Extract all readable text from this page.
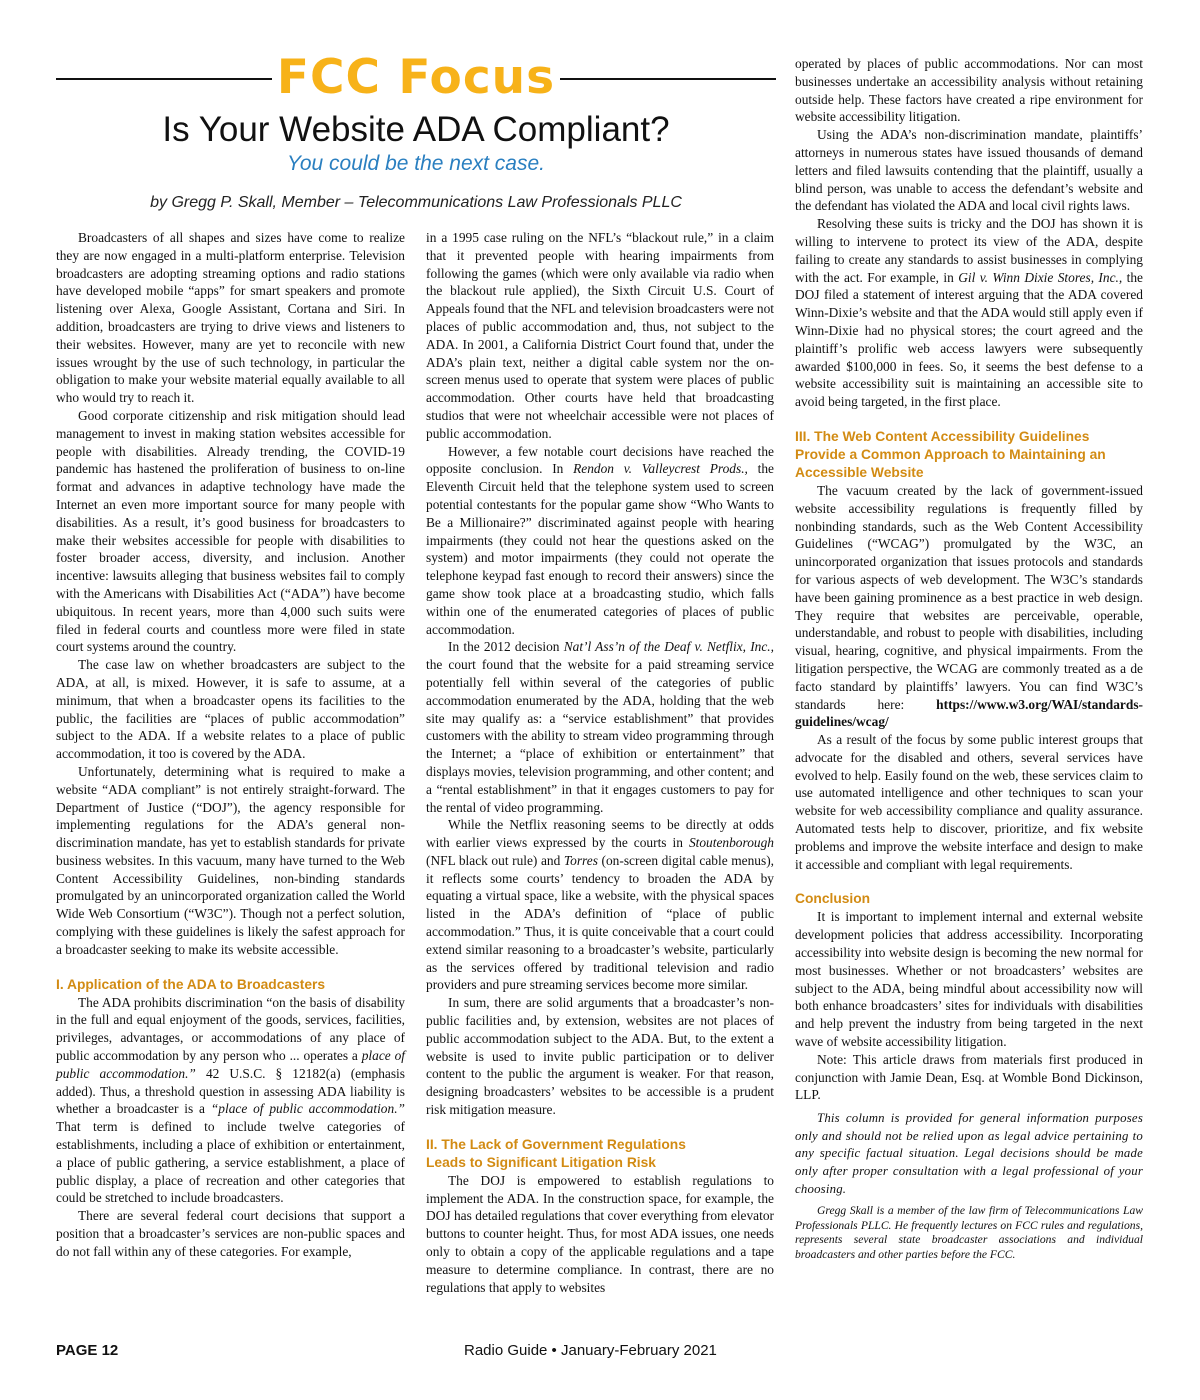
FCC Focus
Is Your Website ADA Compliant?
You could be the next case.
by Gregg P. Skall, Member – Telecommunications Law Professionals PLLC

Broadcasters of all shapes and sizes have come to realize they are now engaged in a multi-platform enterprise. Television broadcasters are adopting streaming options and radio stations have developed mobile “apps” for smart speakers and promote listening over Alexa, Google Assistant, Cortana and Siri. In addition, broadcasters are trying to drive views and listeners to their websites. However, many are yet to reconcile with new issues wrought by the use of such technology, in particular the obligation to make your website material equally available to all who would try to reach it.

Good corporate citizenship and risk mitigation should lead management to invest in making station websites accessible for people with disabilities. Already trending, the COVID-19 pandemic has hastened the proliferation of business to on-line format and advances in adaptive technology have made the Internet an even more important source for many people with disabilities. As a result, it’s good business for broadcasters to make their websites accessible for people with disabilities to foster broader access, diversity, and inclusion. Another incentive: lawsuits alleging that business websites fail to comply with the Americans with Disabilities Act (“ADA”) have become ubiquitous. In recent years, more than 4,000 such suits were filed in federal courts and countless more were filed in state court systems around the country.

The case law on whether broadcasters are subject to the ADA, at all, is mixed. However, it is safe to assume, at a minimum, that when a broadcaster opens its facilities to the public, the facilities are “places of public accommodation” subject to the ADA. If a website relates to a place of public accommodation, it too is covered by the ADA.

Unfortunately, determining what is required to make a website “ADA compliant” is not entirely straight-forward. The Department of Justice (“DOJ”), the agency responsible for implementing regulations for the ADA’s general non-discrimination mandate, has yet to establish standards for private business websites. In this vacuum, many have turned to the Web Content Accessibility Guidelines, non-binding standards promulgated by an unincorporated organization called the World Wide Web Consortium (“W3C”). Though not a perfect solution, complying with these guidelines is likely the safest approach for a broadcaster seeking to make its website accessible.

I. Application of the ADA to Broadcasters

The ADA prohibits discrimination “on the basis of disability in the full and equal enjoyment of the goods, services, facilities, privileges, advantages, or accommodations of any place of public accommodation by any person who ... operates a place of public accommodation.” 42 U.S.C. § 12182(a) (emphasis added). Thus, a threshold question in assessing ADA liability is whether a broadcaster is a “place of public accommodation.” That term is defined to include twelve categories of establishments, including a place of exhibition or entertainment, a place of public gathering, a service establishment, a place of public display, a place of recreation and other categories that could be stretched to include broadcasters.

There are several federal court decisions that support a position that a broadcaster’s services are non-public spaces and do not fall within any of these categories. For example,

in a 1995 case ruling on the NFL’s “blackout rule,” in a claim that it prevented people with hearing impairments from following the games (which were only available via radio when the blackout rule applied), the Sixth Circuit U.S. Court of Appeals found that the NFL and television broadcasters were not places of public accommodation and, thus, not subject to the ADA. In 2001, a California District Court found that, under the ADA’s plain text, neither a digital cable system nor the on-screen menus used to operate that system were places of public accommodation. Other courts have held that broadcasting studios that were not wheelchair accessible were not places of public accommodation.

However, a few notable court decisions have reached the opposite conclusion. In Rendon v. Valleycrest Prods., the Eleventh Circuit held that the telephone system used to screen potential contestants for the popular game show “Who Wants to Be a Millionaire?” discriminated against people with hearing impairments (they could not hear the questions asked on the system) and motor impairments (they could not operate the telephone keypad fast enough to record their answers) since the game show took place at a broadcasting studio, which falls within one of the enumerated categories of places of public accommodation.

In the 2012 decision Nat’l Ass’n of the Deaf v. Netflix, Inc., the court found that the website for a paid streaming service potentially fell within several of the categories of public accommodation enumerated by the ADA, holding that the web site may qualify as: a “service establishment” that provides customers with the ability to stream video programming through the Internet; a “place of exhibition or entertainment” that displays movies, television programming, and other content; and a “rental establishment” in that it engages customers to pay for the rental of video programming.

While the Netflix reasoning seems to be directly at odds with earlier views expressed by the courts in Stoutenborough (NFL black out rule) and Torres (on-screen digital cable menus), it reflects some courts’ tendency to broaden the ADA by equating a virtual space, like a website, with the physical spaces listed in the ADA’s definition of “place of public accommodation.” Thus, it is quite conceivable that a court could extend similar reasoning to a broadcaster’s website, particularly as the services offered by traditional television and radio providers and pure streaming services become more similar.

In sum, there are solid arguments that a broadcaster’s non-public facilities and, by extension, websites are not places of public accommodation subject to the ADA. But, to the extent a website is used to invite public participation or to deliver content to the public the argument is weaker. For that reason, designing broadcasters’ websites to be accessible is a prudent risk mitigation measure.

II. The Lack of Government Regulations
Leads to Significant Litigation Risk

The DOJ is empowered to establish regulations to implement the ADA. In the construction space, for example, the DOJ has detailed regulations that cover everything from elevator buttons to counter height. Thus, for most ADA issues, one needs only to obtain a copy of the applicable regulations and a tape measure to determine compliance. In contrast, there are no regulations that apply to websites

operated by places of public accommodations. Nor can most businesses undertake an accessibility analysis without retaining outside help. These factors have created a ripe environment for website accessibility litigation.

Using the ADA’s non-discrimination mandate, plaintiffs’ attorneys in numerous states have issued thousands of demand letters and filed lawsuits contending that the plaintiff, usually a blind person, was unable to access the defendant’s website and the defendant has violated the ADA and local civil rights laws.

Resolving these suits is tricky and the DOJ has shown it is willing to intervene to protect its view of the ADA, despite failing to create any standards to assist businesses in complying with the act. For example, in Gil v. Winn Dixie Stores, Inc., the DOJ filed a statement of interest arguing that the ADA covered Winn-Dixie’s website and that the ADA would still apply even if Winn-Dixie had no physical stores; the court agreed and the plaintiff’s prolific web access lawyers were subsequently awarded $100,000 in fees. So, it seems the best defense to a website accessibility suit is maintaining an accessible site to avoid being targeted, in the first place.

III. The Web Content Accessibility Guidelines
Provide a Common Approach to Maintaining an
Accessible Website

The vacuum created by the lack of government-issued website accessibility regulations is frequently filled by nonbinding standards, such as the Web Content Accessibility Guidelines (“WCAG”) promulgated by the W3C, an unincorporated organization that issues protocols and standards for various aspects of web development. The W3C’s standards have been gaining prominence as a best practice in web design. They require that websites are perceivable, operable, understandable, and robust to people with disabilities, including visual, hearing, cognitive, and physical impairments. From the litigation perspective, the WCAG are commonly treated as a de facto standard by plaintiffs’ lawyers. You can find W3C’s standards here: https://www.w3.org/WAI/standards-guidelines/wcag/

As a result of the focus by some public interest groups that advocate for the disabled and others, several services have evolved to help. Easily found on the web, these services claim to use automated intelligence and other techniques to scan your website for web accessibility compliance and quality assurance. Automated tests help to discover, prioritize, and fix website problems and improve the website interface and design to make it accessible and compliant with legal requirements.

Conclusion

It is important to implement internal and external website development policies that address accessibility. Incorporating accessibility into website design is becoming the new normal for most businesses. Whether or not broadcasters’ websites are subject to the ADA, being mindful about accessibility now will both enhance broadcasters’ sites for individuals with disabilities and help prevent the industry from being targeted in the next wave of website accessibility litigation.

Note: This article draws from materials first produced in conjunction with Jamie Dean, Esq. at Womble Bond Dickinson, LLP.

This column is provided for general information purposes only and should not be relied upon as legal advice pertaining to any specific factual situation. Legal decisions should be made only after proper consultation with a legal professional of your choosing.

Gregg Skall is a member of the law firm of Telecommunications Law Professionals PLLC. He frequently lectures on FCC rules and regulations, represents several state broadcaster associations and individual broadcasters and other parties before the FCC.

PAGE 12	Radio Guide • January-February 2021
